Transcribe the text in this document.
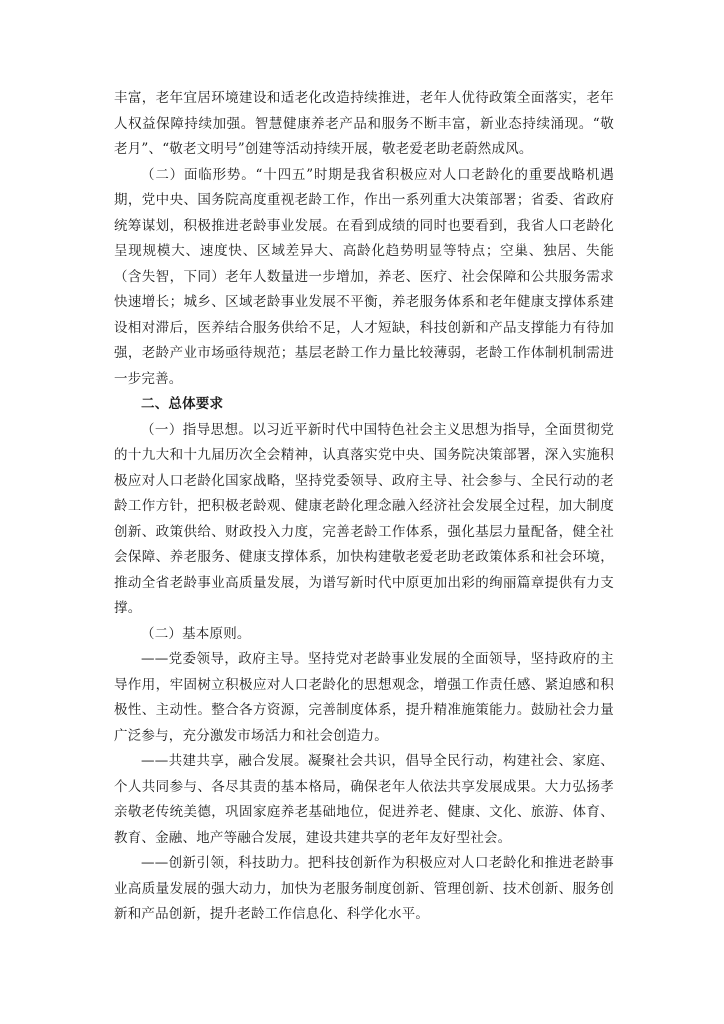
丰富，老年宜居环境建设和适老化改造持续推进，老年人优待政策全面落实，老年人权益保障持续加强。智慧健康养老产品和服务不断丰富，新业态持续涌现。“敬老月”、“敬老文明号”创建等活动持续开展，敬老爱老助老蔚然成风。

（二）面临形势。“十四五”时期是我省积极应对人口老龄化的重要战略机遇期，党中央、国务院高度重视老龄工作，作出一系列重大决策部署；省委、省政府统筹谋划，积极推进老龄事业发展。在看到成绩的同时也要看到，我省人口老龄化呈现规模大、速度快、区域差异大、高龄化趋势明显等特点；空巢、独居、失能（含失智，下同）老年人数量进一步增加，养老、医疗、社会保障和公共服务需求快速增长；城乡、区域老龄事业发展不平衡，养老服务体系和老年健康支撑体系建设相对滞后，医养结合服务供给不足，人才短缺，科技创新和产品支撑能力有待加强，老龄产业市场亟待规范；基层老龄工作力量比较薄弱，老龄工作体制机制需进一步完善。

二、总体要求

（一）指导思想。以习近平新时代中国特色社会主义思想为指导，全面贯彻党的十九大和十九届历次全会精神，认真落实党中央、国务院决策部署，深入实施积极应对人口老龄化国家战略，坚持党委领导、政府主导、社会参与、全民行动的老龄工作方针，把积极老龄观、健康老龄化理念融入经济社会发展全过程，加大制度创新、政策供给、财政投入力度，完善老龄工作体系，强化基层力量配备，健全社会保障、养老服务、健康支撑体系，加快构建敬老爱老助老政策体系和社会环境，推动全省老龄事业高质量发展，为谱写新时代中原更加出彩的绚丽篇章提供有力支撑。

（二）基本原则。

——党委领导，政府主导。坚持党对老龄事业发展的全面领导，坚持政府的主导作用，牢固树立积极应对人口老龄化的思想观念，增强工作责任感、紧迫感和积极性、主动性。整合各方资源，完善制度体系，提升精准施策能力。鼓励社会力量广泛参与，充分激发市场活力和社会创造力。

——共建共享，融合发展。凝聚社会共识，倡导全民行动，构建社会、家庭、个人共同参与、各尽其责的基本格局，确保老年人依法共享发展成果。大力弘扬孝亲敬老传统美德，巩固家庭养老基础地位，促进养老、健康、文化、旅游、体育、教育、金融、地产等融合发展，建设共建共享的老年友好型社会。

——创新引领，科技助力。把科技创新作为积极应对人口老龄化和推进老龄事业高质量发展的强大动力，加快为老服务制度创新、管理创新、技术创新、服务创新和产品创新，提升老龄工作信息化、科学化水平。
